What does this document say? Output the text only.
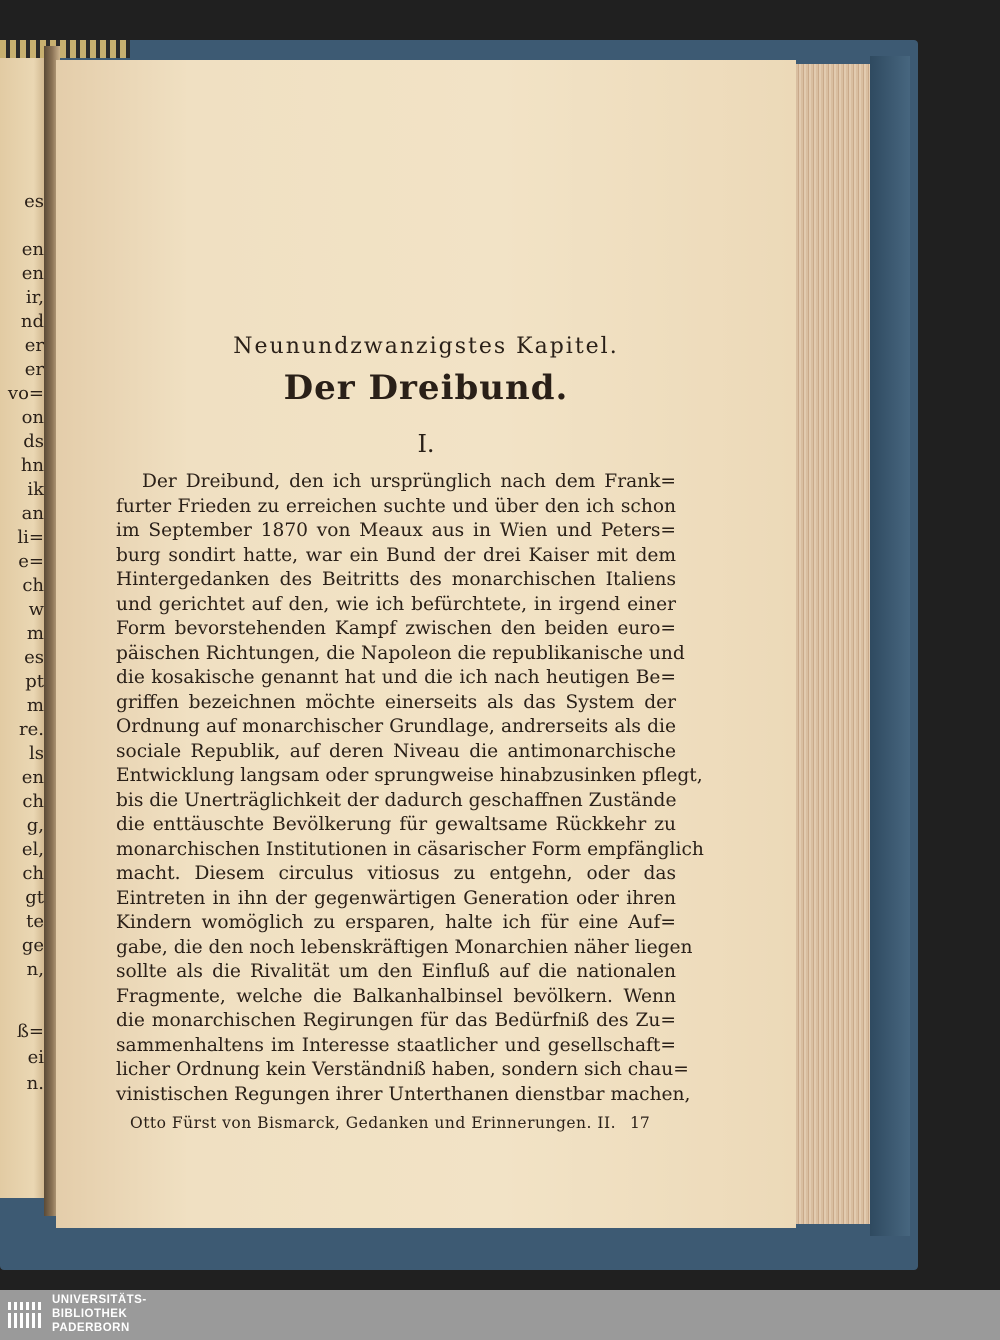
es
en
en
ir,
nd
er
er
vo=
on
ds
hn
ik
an
li=
e=
ch
w
m
es
pt
m
re.
ls
en
ch
g,
el,
ch
gt
te
ge
n,
ß=
ei
n.
Neunundzwanzigstes Kapitel.
Der Dreibund.
I.
Der Dreibund, den ich ursprünglich nach dem Frank=
furter Frieden zu erreichen suchte und über den ich schon
im September 1870 von Meaux aus in Wien und Peters=
burg sondirt hatte, war ein Bund der drei Kaiser mit dem
Hintergedanken des Beitritts des monarchischen Italiens
und gerichtet auf den, wie ich befürchtete, in irgend einer
Form bevorstehenden Kampf zwischen den beiden euro=
päischen Richtungen, die Napoleon die republikanische und
die kosakische genannt hat und die ich nach heutigen Be=
griffen bezeichnen möchte einerseits als das System der
Ordnung auf monarchischer Grundlage, andrerseits als die
sociale Republik, auf deren Niveau die antimonarchische
Entwicklung langsam oder sprungweise hinabzusinken pflegt,
bis die Unerträglichkeit der dadurch geschaffnen Zustände
die enttäuschte Bevölkerung für gewaltsame Rückkehr zu
monarchischen Institutionen in cäsarischer Form empfänglich
macht. Diesem circulus vitiosus zu entgehn, oder das
Eintreten in ihn der gegenwärtigen Generation oder ihren
Kindern womöglich zu ersparen, halte ich für eine Auf=
gabe, die den noch lebenskräftigen Monarchien näher liegen
sollte als die Rivalität um den Einfluß auf die nationalen
Fragmente, welche die Balkanhalbinsel bevölkern. Wenn
die monarchischen Regirungen für das Bedürfniß des Zu=
sammenhaltens im Interesse staatlicher und gesellschaft=
licher Ordnung kein Verständniß haben, sondern sich chau=
vinistischen Regungen ihrer Unterthanen dienstbar machen,
Otto Fürst von Bismarck, Gedanken und Erinnerungen. II. 17
UNIVERSITÄTS-
BIBLIOTHEK
PADERBORN
